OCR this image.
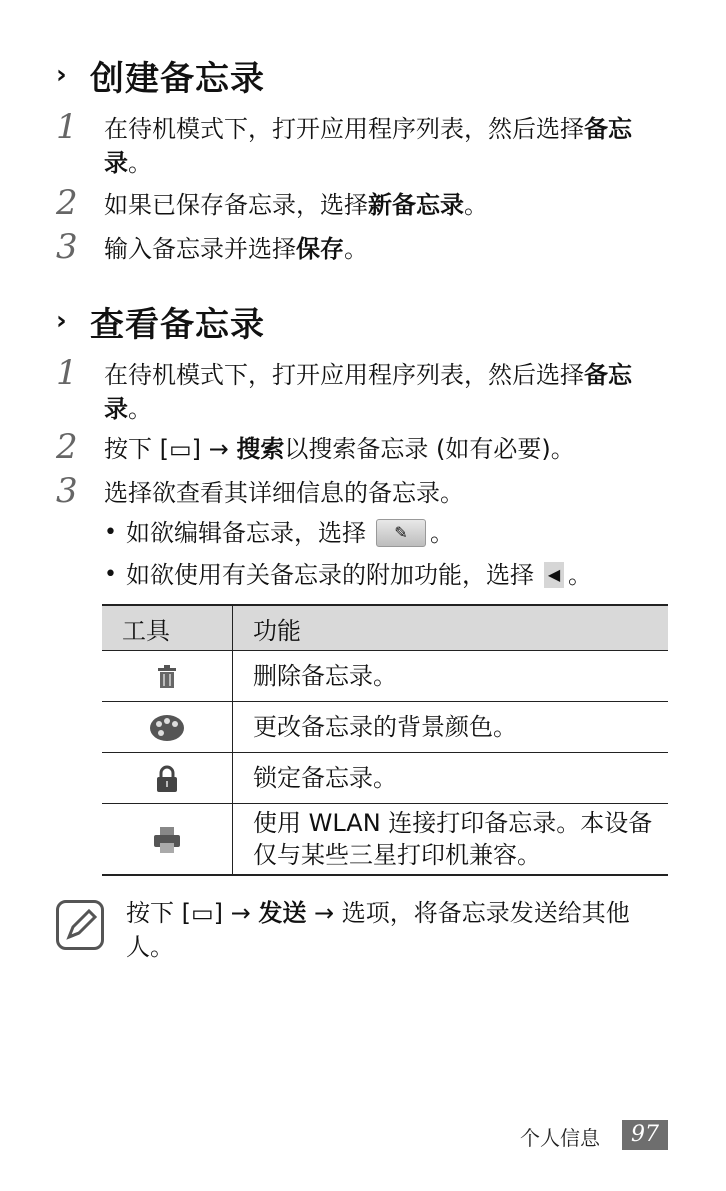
› 创建备忘录
1	在待机模式下，打开应用程序列表，然后选择备忘录。
2	如果已保存备忘录，选择新备忘录。
3	输入备忘录并选择保存。
› 查看备忘录
1	在待机模式下，打开应用程序列表，然后选择备忘录。
2	按下 [▭] → 搜索以搜索备忘录 (如有必要)。
3	选择欲查看其详细信息的备忘录。
• 如欲编辑备忘录，选择	✎ 。
• 如欲使用有关备忘录的附加功能，选择 ◀ 。
工具	功能
	删除备忘录。
	更改备忘录的背景颜色。
	锁定备忘录。
	使用 WLAN 连接打印备忘录。本设备仅与某些三星打印机兼容。
按下 [▭] → 发送 → 选项，将备忘录发送给其他人。
个人信息	97
